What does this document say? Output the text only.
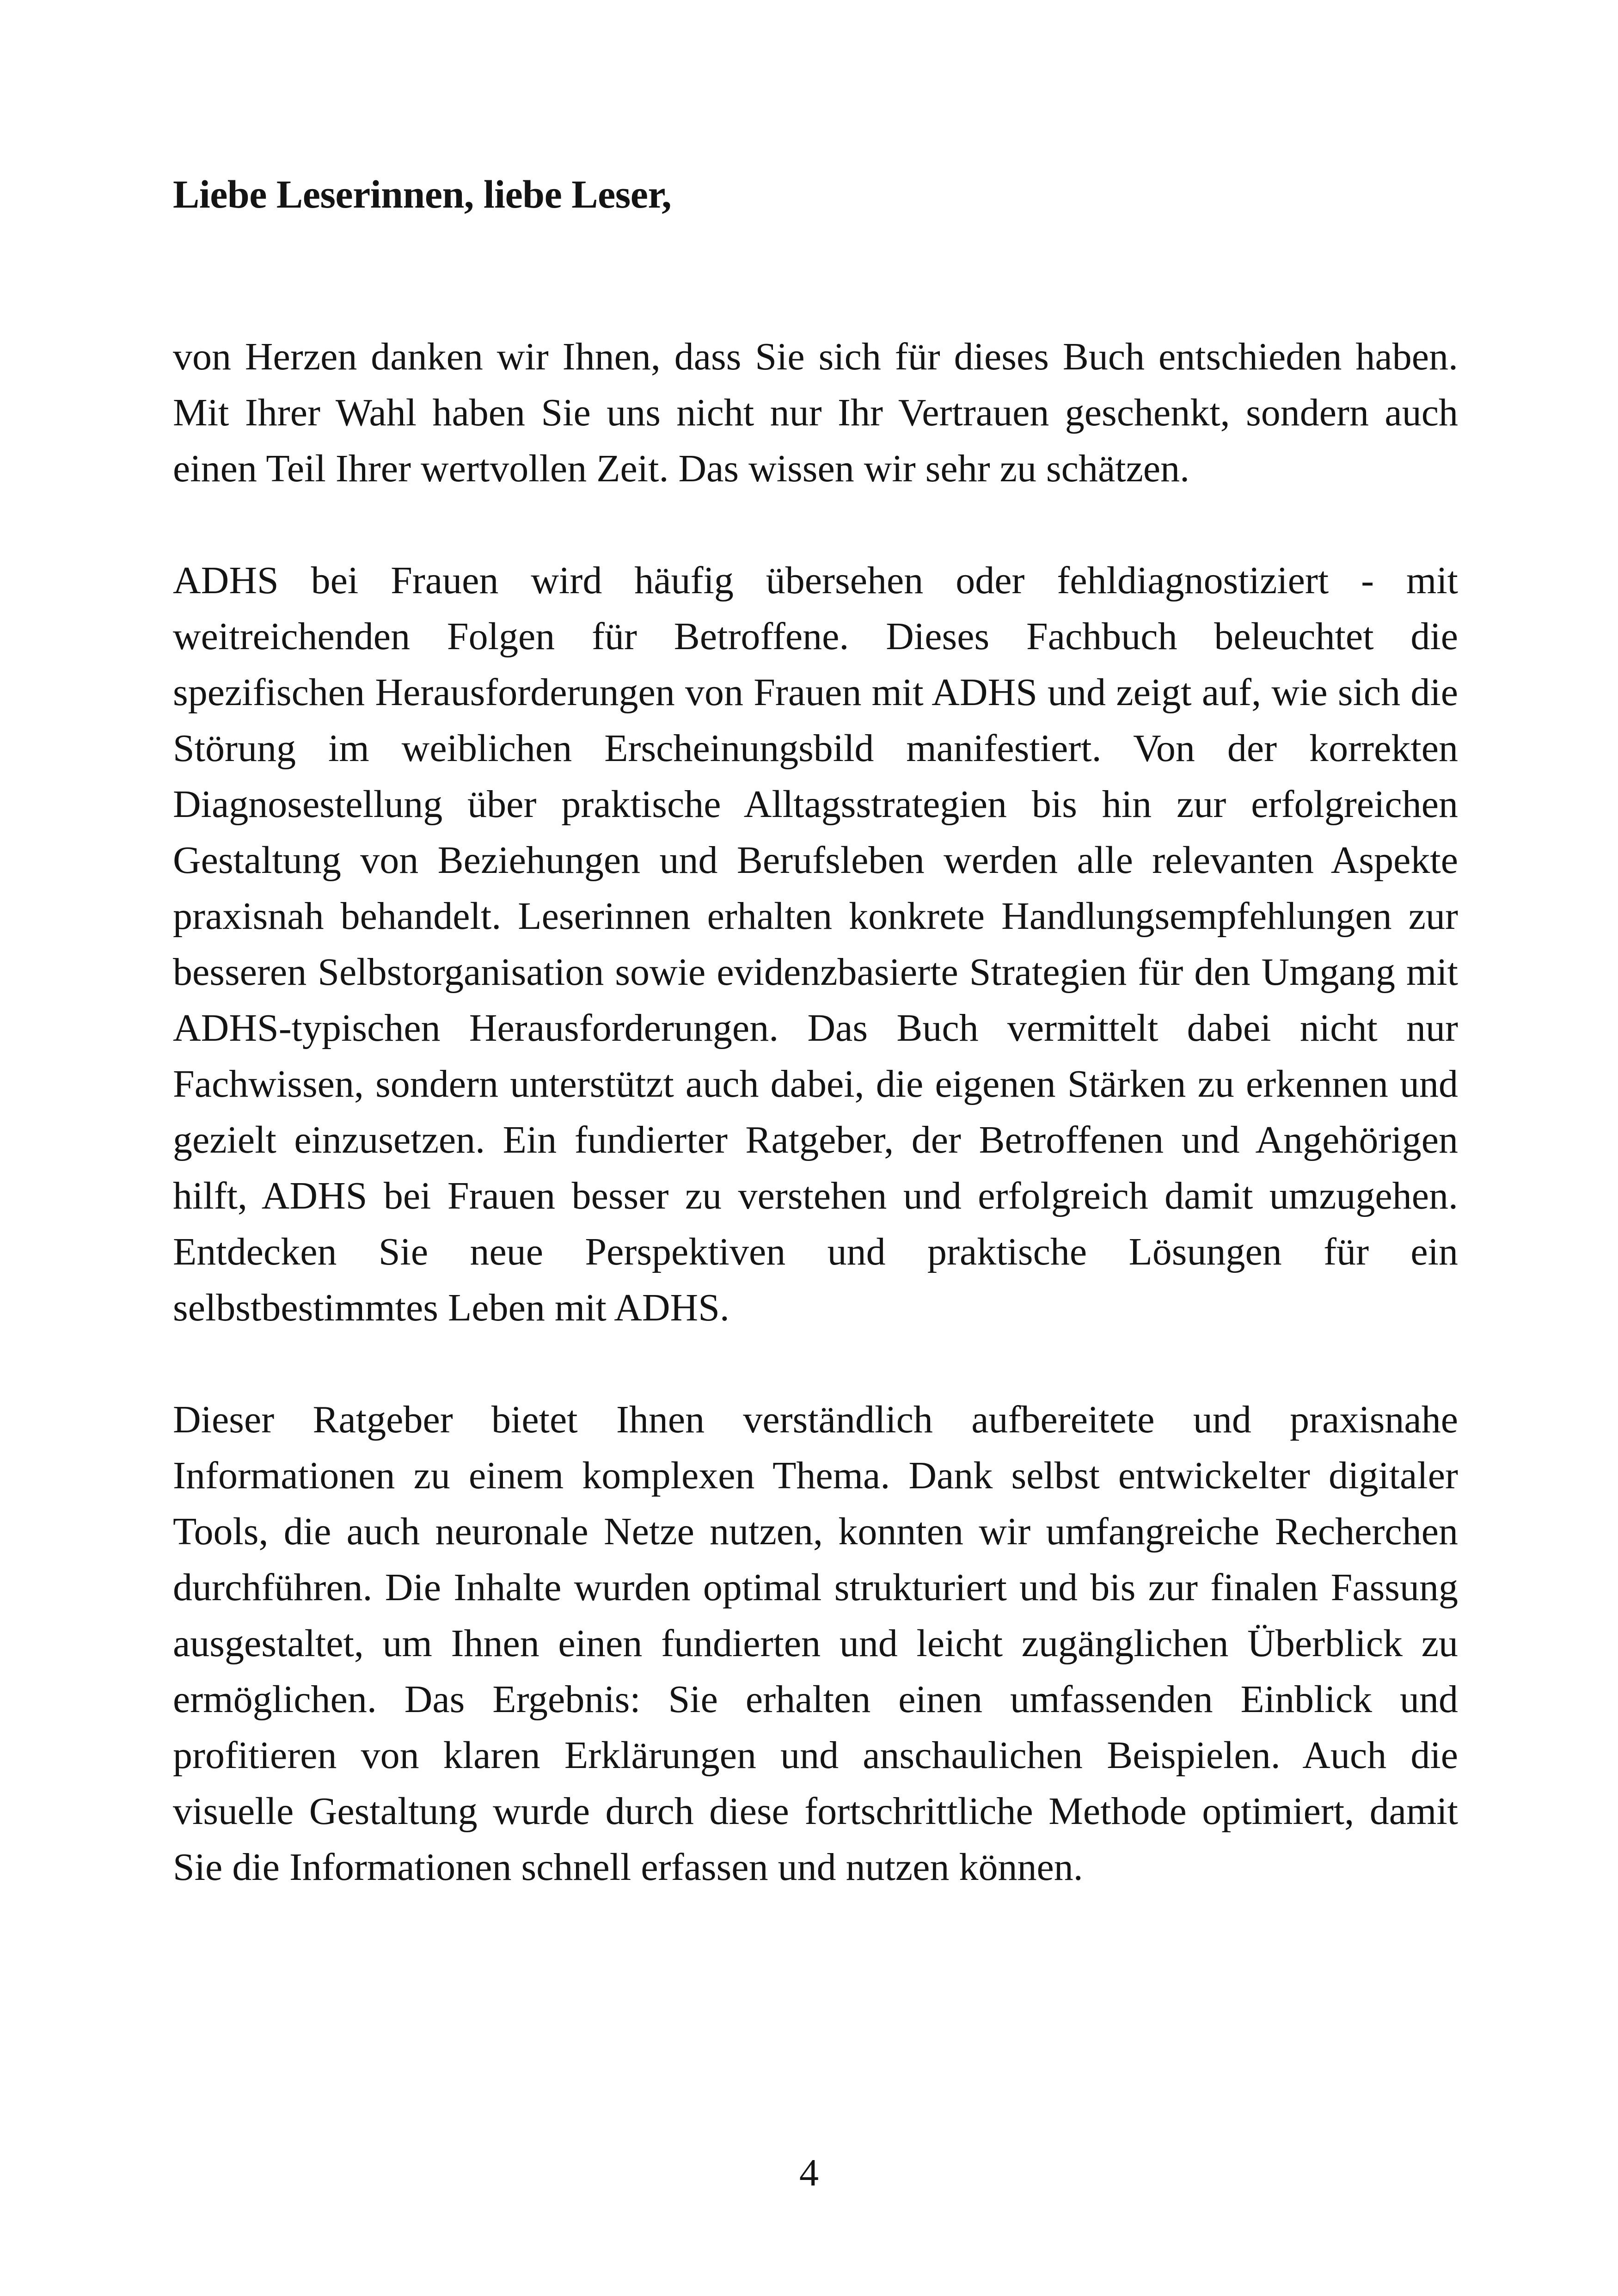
Liebe Leserinnen, liebe Leser,

von Herzen danken wir Ihnen, dass Sie sich für dieses Buch entschieden haben. Mit Ihrer Wahl haben Sie uns nicht nur Ihr Vertrauen geschenkt, sondern auch einen Teil Ihrer wertvollen Zeit. Das wissen wir sehr zu schätzen.

ADHS bei Frauen wird häufig übersehen oder fehldiagnostiziert - mit weitreichenden Folgen für Betroffene. Dieses Fachbuch beleuchtet die spezifischen Herausforderungen von Frauen mit ADHS und zeigt auf, wie sich die Störung im weiblichen Erscheinungsbild manifestiert. Von der korrekten Diagnosestellung über praktische Alltagsstrategien bis hin zur erfolgreichen Gestaltung von Beziehungen und Berufsleben werden alle relevanten Aspekte praxisnah behandelt. Leserinnen erhalten konkrete Handlungsempfehlungen zur besseren Selbstorganisation sowie evidenzbasierte Strategien für den Umgang mit ADHS-typischen Herausforderungen. Das Buch vermittelt dabei nicht nur Fachwissen, sondern unterstützt auch dabei, die eigenen Stärken zu erkennen und gezielt einzusetzen. Ein fundierter Ratgeber, der Betroffenen und Angehörigen hilft, ADHS bei Frauen besser zu verstehen und erfolgreich damit umzugehen. Entdecken Sie neue Perspektiven und praktische Lösungen für ein selbstbestimmtes Leben mit ADHS.

Dieser Ratgeber bietet Ihnen verständlich aufbereitete und praxisnahe Informationen zu einem komplexen Thema. Dank selbst entwickelter digitaler Tools, die auch neuronale Netze nutzen, konnten wir umfangreiche Recherchen durchführen. Die Inhalte wurden optimal strukturiert und bis zur finalen Fassung ausgestaltet, um Ihnen einen fundierten und leicht zugänglichen Überblick zu ermöglichen. Das Ergebnis: Sie erhalten einen umfassenden Einblick und profitieren von klaren Erklärungen und anschaulichen Beispielen. Auch die visuelle Gestaltung wurde durch diese fortschrittliche Methode optimiert, damit Sie die Informationen schnell erfassen und nutzen können.

4
